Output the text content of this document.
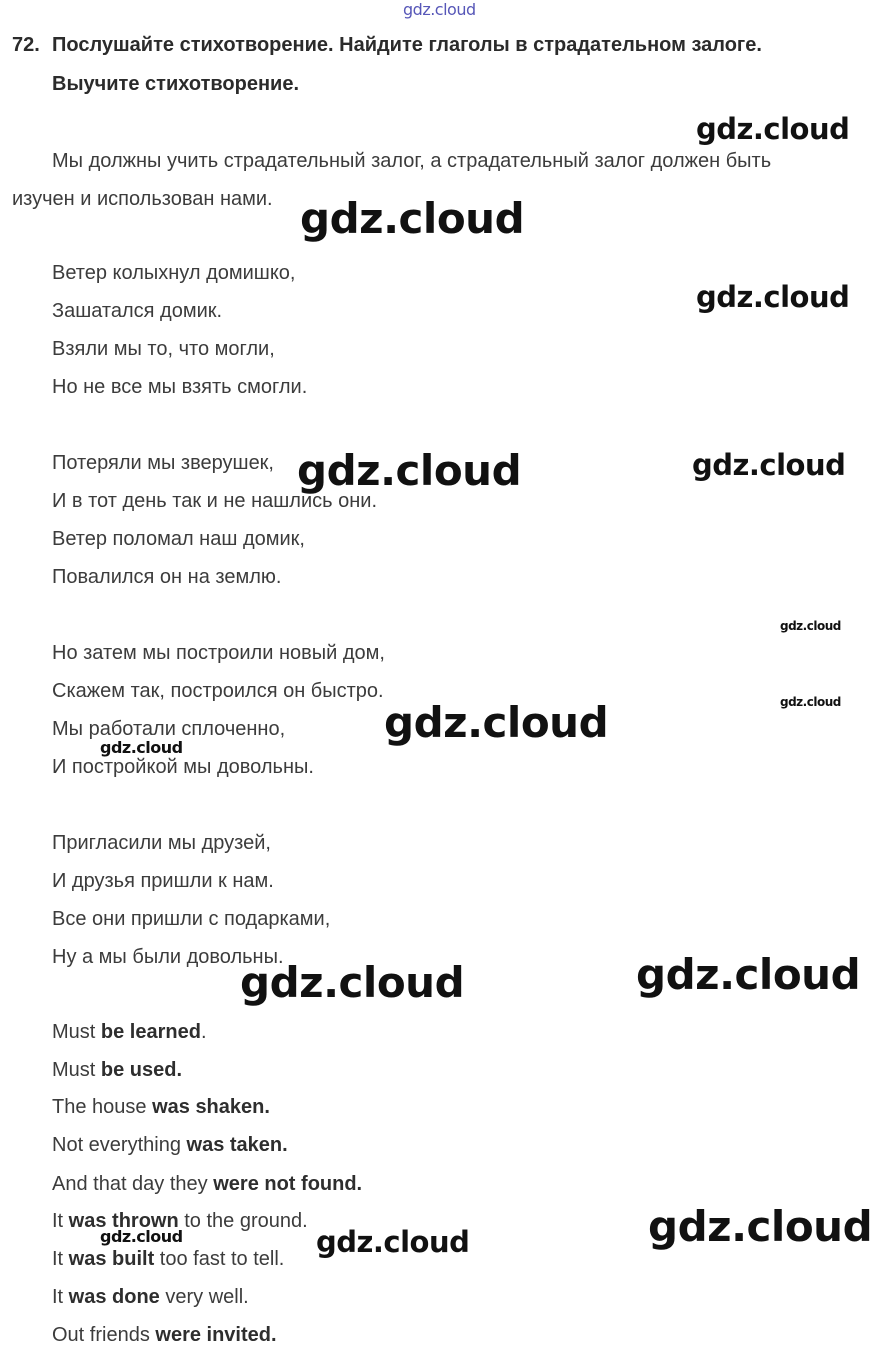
gdz.cloud
72. Послушайте стихотворение. Найдите глаголы в страдательном залоге.
Выучите стихотворение.
Мы должны учить страдательный залог, а страдательный залог должен быть
изучен и использован нами.
Ветер колыхнул домишко,
Зашатался домик.
Взяли мы то, что могли,
Но не все мы взять смогли.
Потеряли мы зверушек,
И в тот день так и не нашлись они.
Ветер поломал наш домик,
Повалился он на землю.
Но затем мы построили новый дом,
Скажем так, построился он быстро.
Мы работали сплоченно,
И постройкой мы довольны.
Пригласили мы друзей,
И друзья пришли к нам.
Все они пришли с подарками,
Ну а мы были довольны.
Must be learned.
Must be used.
The house was shaken.
Not everything was taken.
And that day they were not found.
It was thrown to the ground.
It was built too fast to tell.
It was done very well.
Out friends were invited.
gdz.cloud
gdz.cloud
gdz.cloud
gdz.cloud	gdz.cloud
gdz.cloud
gdz.cloud
gdz.cloud
gdz.cloud
gdz.cloud
gdz.cloud
gdz.cloud	gdz.cloud
gdz.cloud
